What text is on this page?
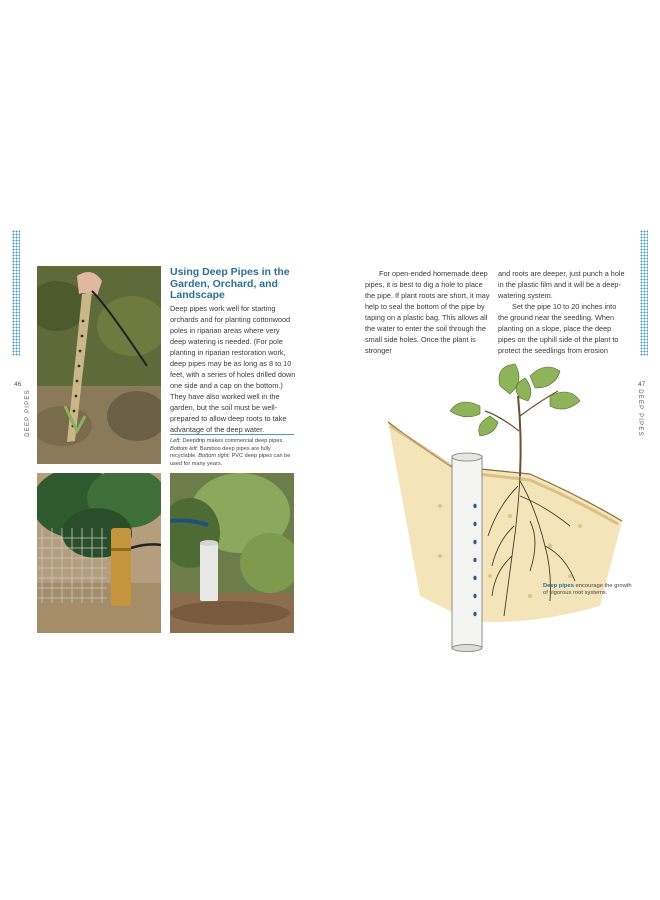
46
DEEP PIPES
Using Deep Pipes in the Garden, Orchard, and Landscape

Deep pipes work well for starting orchards and for planting cottonwood poles in riparian areas where very deep watering is needed. (For pole planting in riparian restoration work, deep pipes may be as long as 8 to 10 feet, with a series of holes drilled down one side and a cap on the bottom.) They have also worked well in the garden, but the soil must be well-prepared to allow deep roots to take advantage of the deep water.

Left: Deepdrip makes commercial deep pipes. Bottom left: Bamboo deep pipes are fully recyclable. Bottom right: PVC deep pipes can be used for many years.
47
DEEP PIPES

For open-ended homemade deep pipes, it is best to dig a hole to place the pipe. If plant roots are short, it may help to seal the bottom of the pipe by taping on a plastic bag. This allows all the water to enter the soil through the small side holes. Once the plant is stronger

and roots are deeper, just punch a hole in the plastic film and it will be a deep-watering system.

Set the pipe 10 to 20 inches into the ground near the seedling. When planting on a slope, place the deep pipes on the uphill side of the plant to protect the seedlings from erosion

Deep pipes encourage the growth of vigorous root systems.
